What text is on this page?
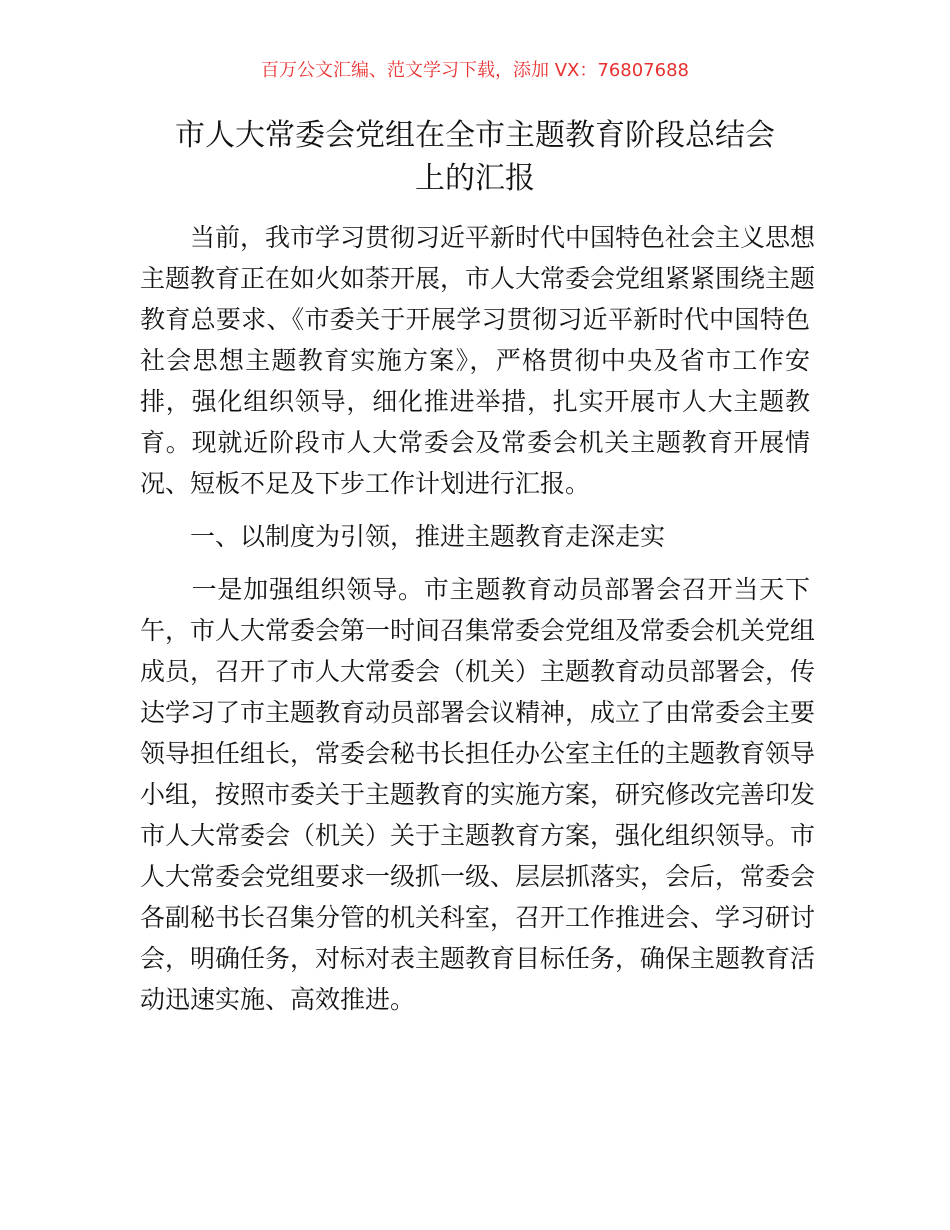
百万公文汇编、范文学习下载，添加 VX：76807688
市人大常委会党组在全市主题教育阶段总结会
上的汇报
　　当前，我市学习贯彻习近平新时代中国特色社会主义思想
主题教育正在如火如荼开展，市人大常委会党组紧紧围绕主题
教育总要求、《市委关于开展学习贯彻习近平新时代中国特色
社会思想主题教育实施方案》，严格贯彻中央及省市工作安
排，强化组织领导，细化推进举措，扎实开展市人大主题教
育。现就近阶段市人大常委会及常委会机关主题教育开展情
况、短板不足及下步工作计划进行汇报。
　　一、以制度为引领，推进主题教育走深走实
　　一是加强组织领导。市主题教育动员部署会召开当天下
午，市人大常委会第一时间召集常委会党组及常委会机关党组
成员，召开了市人大常委会（机关）主题教育动员部署会，传
达学习了市主题教育动员部署会议精神，成立了由常委会主要
领导担任组长，常委会秘书长担任办公室主任的主题教育领导
小组，按照市委关于主题教育的实施方案，研究修改完善印发
市人大常委会（机关）关于主题教育方案，强化组织领导。市
人大常委会党组要求一级抓一级、层层抓落实，会后，常委会
各副秘书长召集分管的机关科室，召开工作推进会、学习研讨
会，明确任务，对标对表主题教育目标任务，确保主题教育活
动迅速实施、高效推进。
